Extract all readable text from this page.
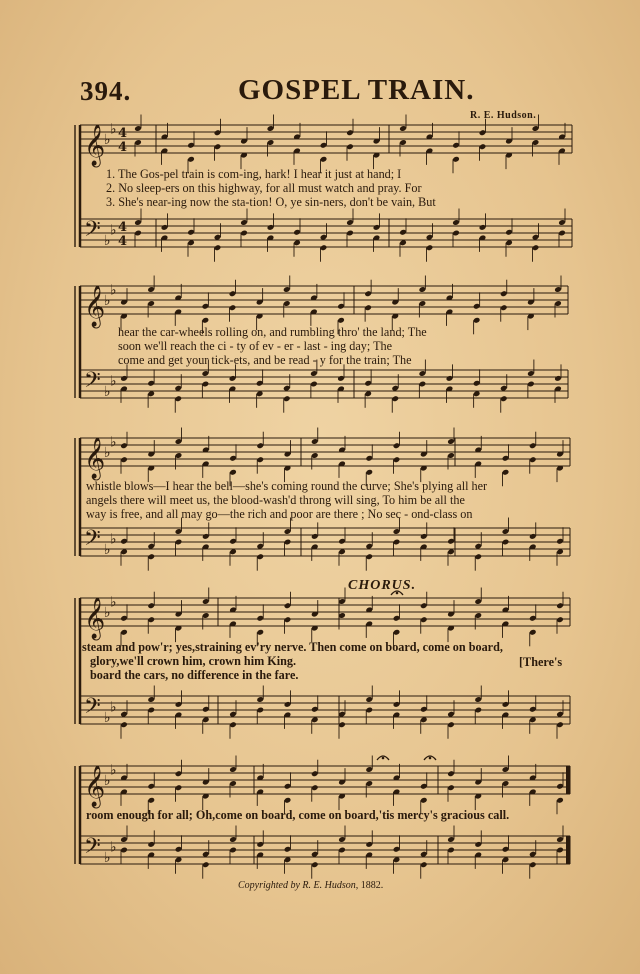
394.	GOSPEL TRAIN.
R. E. Hudson.
𝄞
𝄢
♭
♭
♭
♭
4
4
4
4
𝄞
𝄢
♭
♭
♭
♭
𝄞
𝄢
♭
♭
♭
♭
𝄞
𝄢
♭
♭
♭
♭
𝄞
𝄢
♭
♭
♭
♭
1. The Gos-pel train is com-ing, hark! I hear it just at hand; I
2. No sleep-ers on this highway, for all must watch and pray. For
3. She's near-ing now the sta-tion! O, ye sin-ners, don't be vain, But
hear the car-wheels rolling on, and rumbling thro' the land; The
soon we'll reach the ci - ty of ev - er - last - ing day; The
come and get your tick-ets, and be read - y for the train; The
whistle blows—I hear the bell—she's coming round the curve; She's plying all her
angels there will meet us, the blood-wash'd throng will sing, To him be all the
way is free, and all may go—the rich and poor are there ; No sec - ond-class on
CHORUS.
steam and pow'r; yes,straining ev'ry nerve. Then come on board, come on board,
glory,we'll crown him, crown him King.
board the cars, no difference in the fare.
[There's
room enough for all; Oh,come on board, come on board,'tis mercy's gracious call.
Copyrighted by R. E. Hudson, 1882.
